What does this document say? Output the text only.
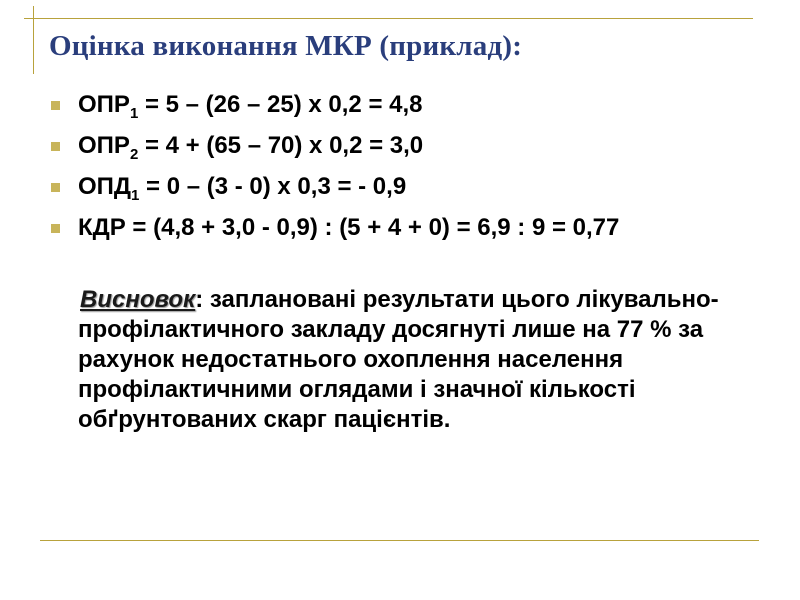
Оцінка виконання МКР (приклад):
$ОПР_1 = 5 - (26 - 25)$ х 0,2 = 4,8
$ОПР_2 = 4 + (65 - 70)$ х 0,2 = 3,0
$ОПД_1 = 0 - (3 - 0)$ х 0,3 = - 0,9
КДР = (4,8 + 3,0 - 0,9) : (5 + 4 + 0) = 6,9 : 9 = 0,77

Висновок: заплановані результати цього лікувально-профілактичного закладу досягнуті лише на 77 % за рахунок недостатнього охоплення населення профілактичними оглядами і значної кількості обґрунтованих скарг пацієнтів.
